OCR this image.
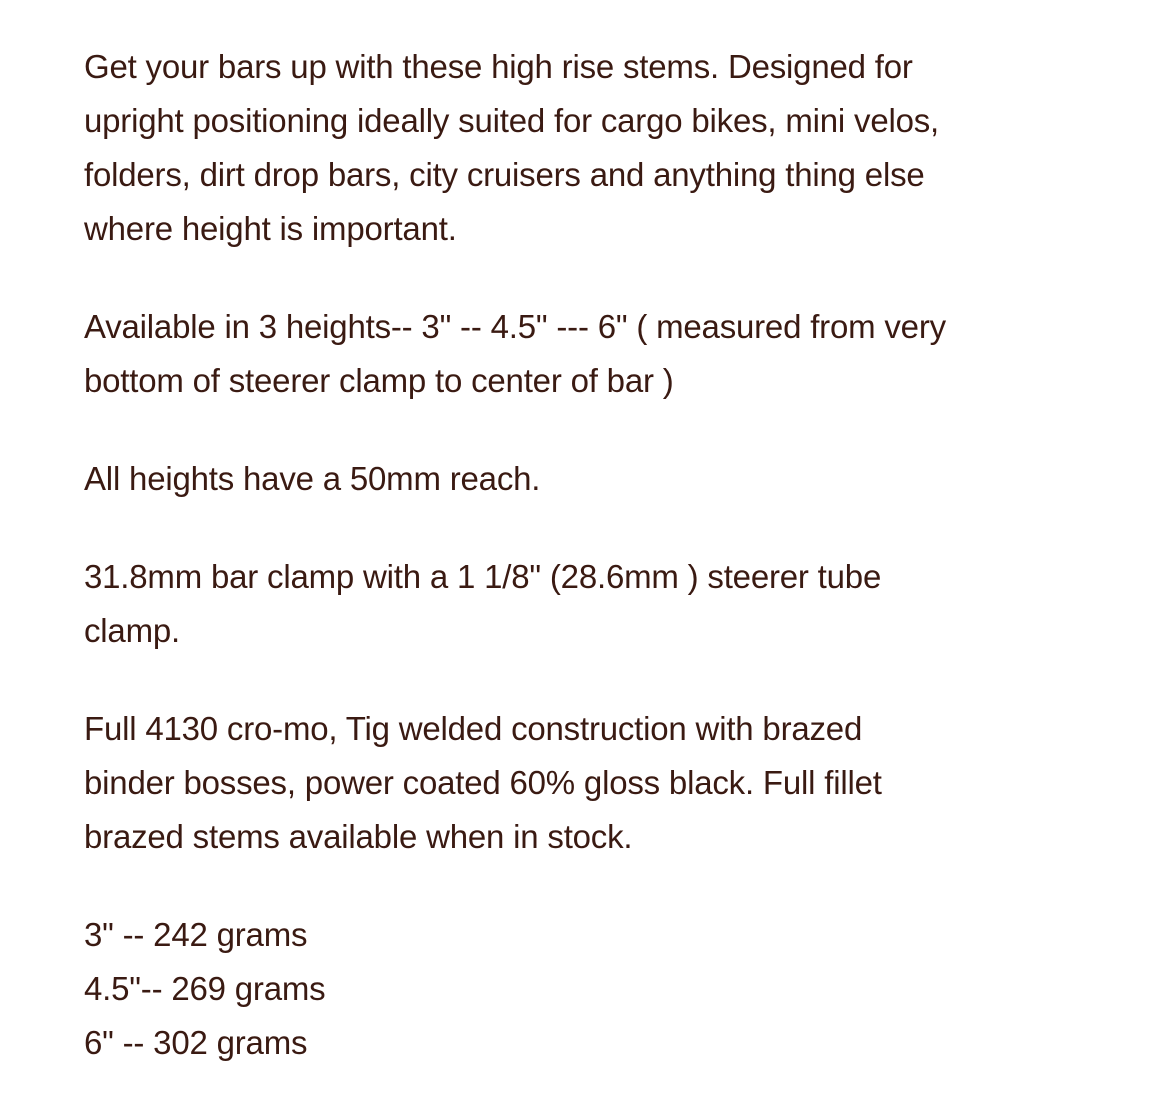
Get your bars up with these high rise stems. Designed for
upright positioning ideally suited for cargo bikes, mini velos,
folders, dirt drop bars, city cruisers and anything thing else
where height is important.

Available in 3 heights-- 3" -- 4.5" --- 6" ( measured from very
bottom of steerer clamp to center of bar )

All heights have a 50mm reach.

31.8mm bar clamp with a 1 1/8" (28.6mm ) steerer tube
clamp.

Full 4130 cro-mo, Tig welded construction with brazed
binder bosses, power coated 60% gloss black. Full fillet
brazed stems available when in stock.

3" -- 242 grams
4.5"-- 269 grams
6" -- 302 grams
